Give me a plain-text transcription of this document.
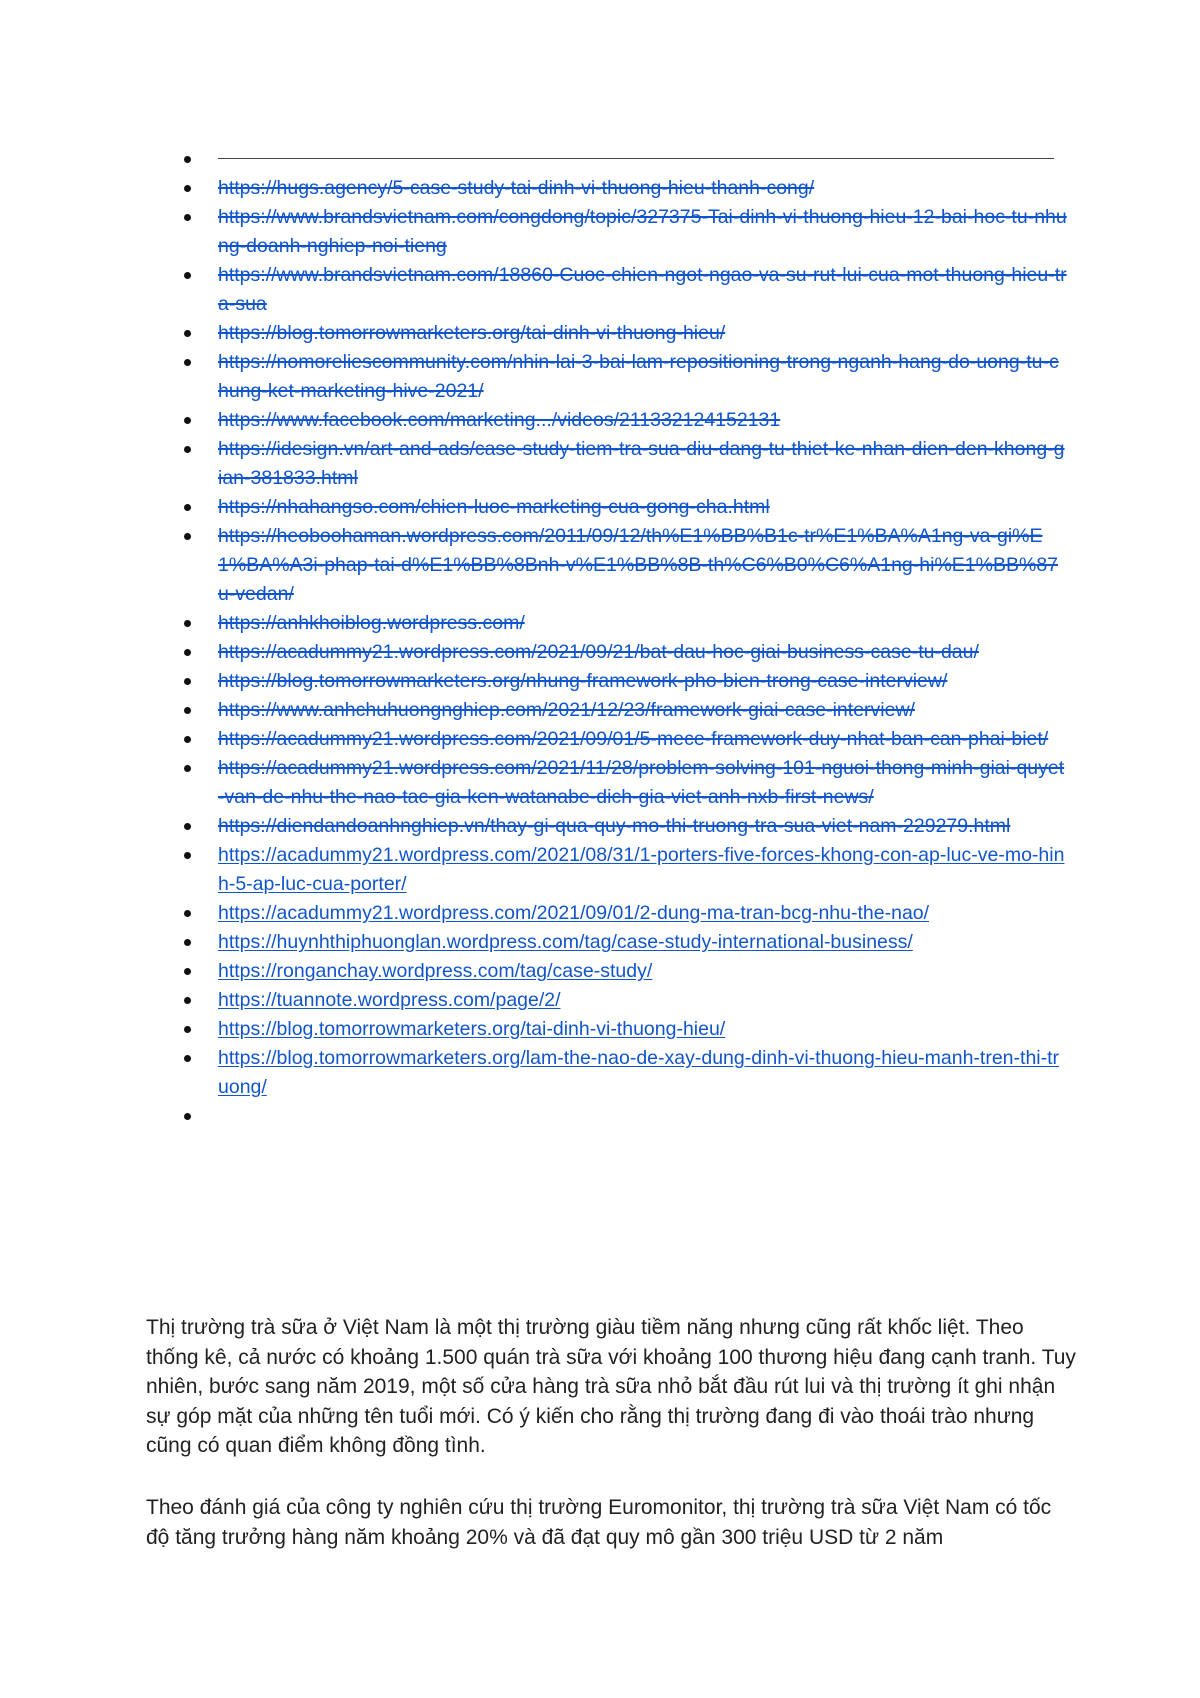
https://hugs.agency/5-case-study-tai-dinh-vi-thuong-hieu-thanh-cong/
https://www.brandsvietnam.com/congdong/topic/327375-Tai-dinh-vi-thuong-hieu-12-bai-hoc-tu-nhung-doanh-nghiep-noi-tieng
https://www.brandsvietnam.com/18860-Cuoc-chien-ngot-ngao-va-su-rut-lui-cua-mot-thuong-hieu-tra-sua
https://blog.tomorrowmarketers.org/tai-dinh-vi-thuong-hieu/
https://nomoreliescommunity.com/nhin-lai-3-bai-lam-repositioning-trong-nganh-hang-do-uong-tu-chung-ket-marketing-hive-2021/
https://www.facebook.com/marketing.../videos/211332124152131
https://idesign.vn/art-and-ads/case-study-tiem-tra-sua-diu-dang-tu-thiet-ke-nhan-dien-den-khong-gian-381833.html
https://nhahangso.com/chien-luoc-marketing-cua-gong-cha.html
https://heoboohaman.wordpress.com/2011/09/12/th%E1%BB%B1c-tr%E1%BA%A1ng-va-gi%E1%BA%A3i-phap-tai-d%E1%BB%8Bnh-v%E1%BB%8B-th%C6%B0%C6%A1ng-hi%E1%BB%87u-vedan/
https://anhkhoiblog.wordpress.com/
https://acadummy21.wordpress.com/2021/09/21/bat-dau-hoc-giai-business-case-tu-dau/
https://blog.tomorrowmarketers.org/nhung-framework-pho-bien-trong-case-interview/
https://www.anhchuhuongnghiep.com/2021/12/23/framework-giai-case-interview/
https://acadummy21.wordpress.com/2021/09/01/5-mece-framework-duy-nhat-ban-can-phai-biet/
https://acadummy21.wordpress.com/2021/11/28/problem-solving-101-nguoi-thong-minh-giai-quyet-van-de-nhu-the-nao-tac-gia-ken-watanabe-dich-gia-viet-anh-nxb-first-news/
https://diendandoanhnghiep.vn/thay-gi-qua-quy-mo-thi-truong-tra-sua-viet-nam-229279.html
https://acadummy21.wordpress.com/2021/08/31/1-porters-five-forces-khong-con-ap-luc-ve-mo-hinh-5-ap-luc-cua-porter/
https://acadummy21.wordpress.com/2021/09/01/2-dung-ma-tran-bcg-nhu-the-nao/
https://huynhthiphuonglan.wordpress.com/tag/case-study-international-business/
https://ronganchay.wordpress.com/tag/case-study/
https://tuannote.wordpress.com/page/2/
https://blog.tomorrowmarketers.org/tai-dinh-vi-thuong-hieu/
https://blog.tomorrowmarketers.org/lam-the-nao-de-xay-dung-dinh-vi-thuong-hieu-manh-tren-thi-truong/

Thị trường trà sữa ở Việt Nam là một thị trường giàu tiềm năng nhưng cũng rất khốc liệt. Theo thống kê, cả nước có khoảng 1.500 quán trà sữa với khoảng 100 thương hiệu đang cạnh tranh. Tuy nhiên, bước sang năm 2019, một số cửa hàng trà sữa nhỏ bắt đầu rút lui và thị trường ít ghi nhận sự góp mặt của những tên tuổi mới. Có ý kiến cho rằng thị trường đang đi vào thoái trào nhưng cũng có quan điểm không đồng tình.

Theo đánh giá của công ty nghiên cứu thị trường Euromonitor, thị trường trà sữa Việt Nam có tốc độ tăng trưởng hàng năm khoảng 20% và đã đạt quy mô gần 300 triệu USD từ 2 năm
